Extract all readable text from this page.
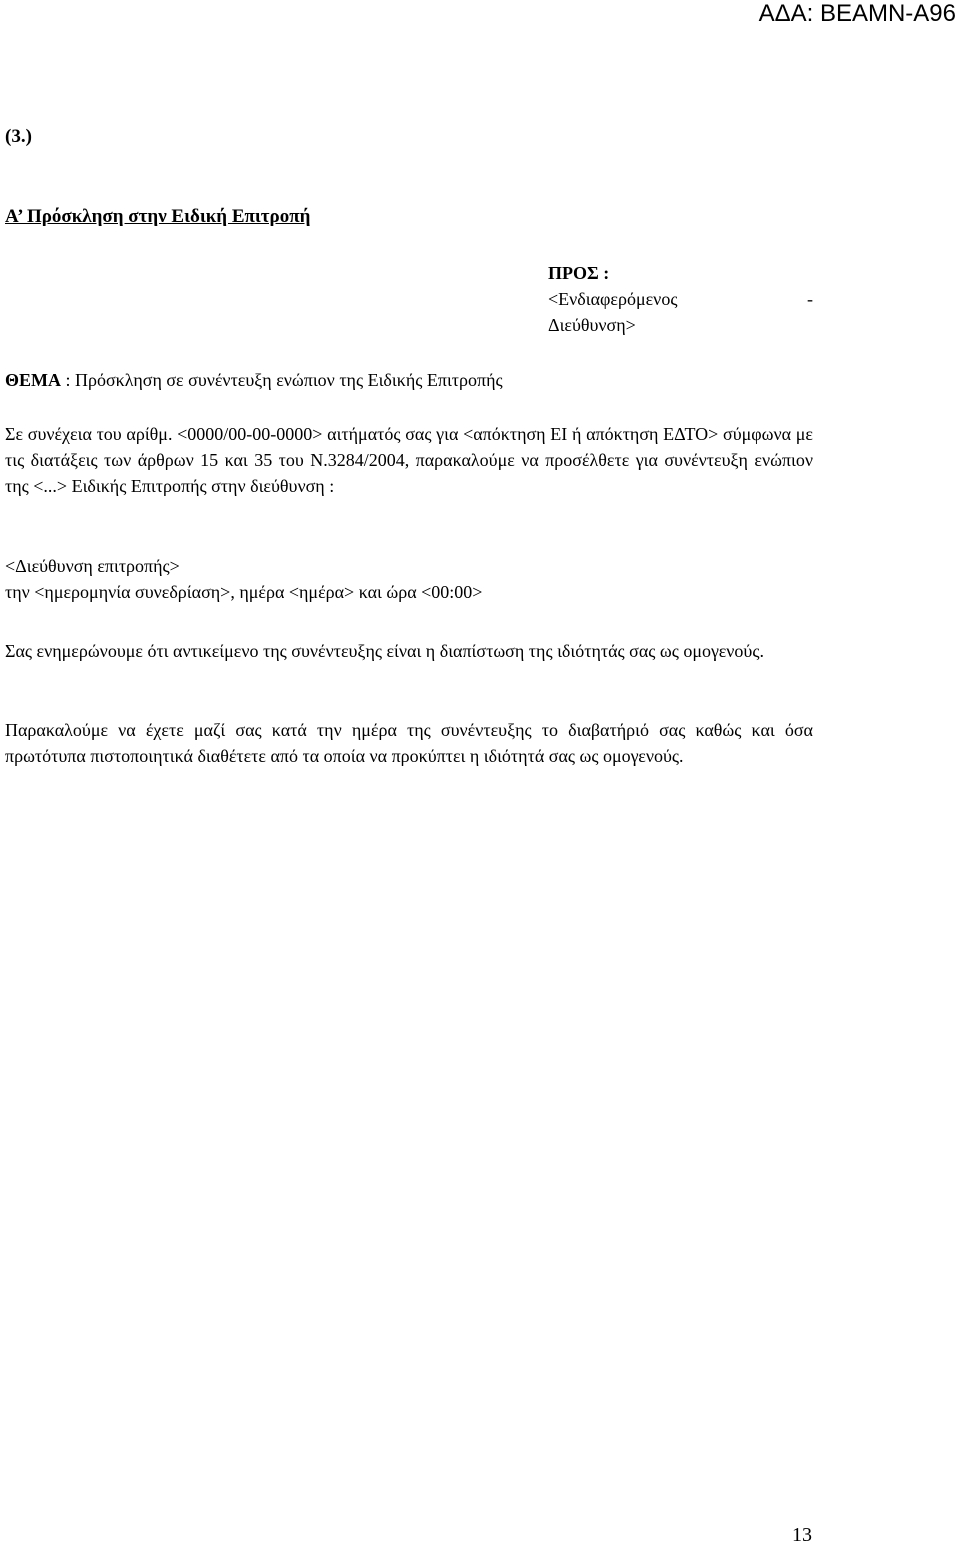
ΑΔΑ: ΒΕΑΜΝ-Α96
(3.)
Α’ Πρόσκληση στην Ειδική Επιτροπή
ΠΡΟΣ :
<Ενδιαφερόμενος	-
Διεύθυνση>
ΘΕΜΑ : Πρόσκληση σε συνέντευξη ενώπιον της Ειδικής Επιτροπής
Σε συνέχεια του αρίθμ. <0000/00-00-0000> αιτήματός σας για <απόκτηση ΕΙ ή απόκτηση ΕΔΤΟ> σύμφωνα με τις διατάξεις των άρθρων 15 και 35 του Ν.3284/2004, παρακαλούμε να προσέλθετε για συνέντευξη ενώπιον της <...> Ειδικής Επιτροπής στην διεύθυνση :
<Διεύθυνση επιτροπής>
την <ημερομηνία συνεδρίαση>, ημέρα <ημέρα> και ώρα <00:00>
Σας ενημερώνουμε ότι αντικείμενο της συνέντευξης είναι η διαπίστωση της ιδιότητάς σας ως ομογενούς.
Παρακαλούμε να έχετε μαζί σας κατά την ημέρα της συνέντευξης το διαβατήριό σας καθώς και όσα πρωτότυπα πιστοποιητικά διαθέτετε από τα οποία να προκύπτει η ιδιότητά σας ως ομογενούς.
13
